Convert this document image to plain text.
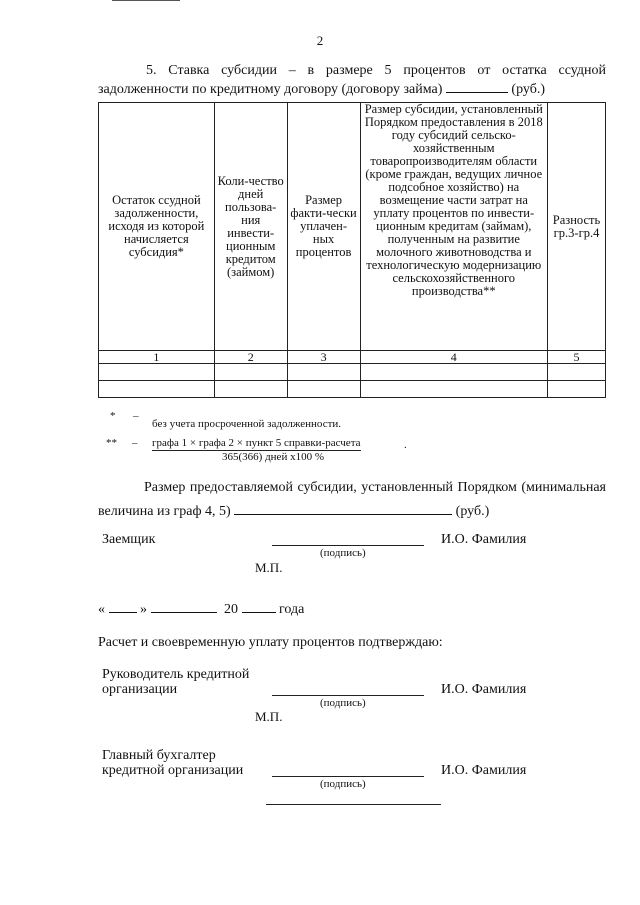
2
5. Ставка субсидии – в размере 5 процентов от остатка ссудной задолженности по кредитному договору (договору займа)	(руб.)
Остаток ссудной задолженности, исходя из которой начисляется субсидия*	Коли-чество дней пользова-ния инвести-ционным кредитом (займом)	Размер факти-чески уплачен-ных процентов	Размер субсидии, установленный Порядком предоставления в 2018 году субсидий сельско-хозяйственным товаропроизводителям области (кроме граждан, ведущих личное подсобное хозяйство) на возмещение части затрат на уплату процентов по инвести-ционным кредитам (займам), полученным на развитие молочного животноводства и технологическую модернизацию сельскохозяйственного производства**	Разность гр.3-гр.4
1	2	3	4	5

* –
без учета просроченной задолженности.
** – графа 1 × графа 2 × пункт 5 справки-расчета	.
365(366) дней x100 %
Размер предоставляемой субсидии, установленный Порядком (минимальная величина из граф 4, 5)	(руб.)
Заемщик
(подпись)
И.О. Фамилия
М.П.
«	»	20	года
Расчет и своевременную уплату процентов подтверждаю:
Руководитель кредитной
организации
(подпись)
И.О. Фамилия
М.П.
Главный бухгалтер
кредитной организации
(подпись)
И.О. Фамилия
